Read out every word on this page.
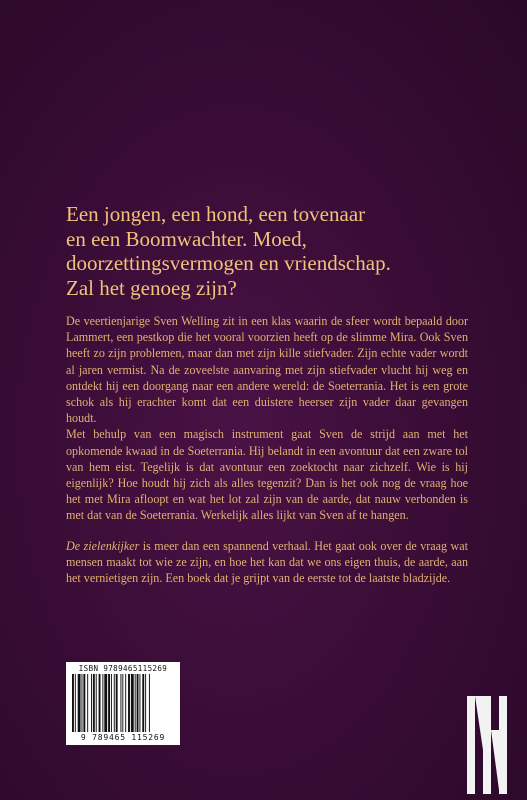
Een jongen, een hond, een tovenaar
en een Boomwachter. Moed,
doorzettingsvermogen en vriendschap.
Zal het genoeg zijn?

De veertienjarige Sven Welling zit in een klas waarin de sfeer wordt bepaald door Lammert, een pestkop die het vooral voorzien heeft op de slimme Mira. Ook Sven heeft zo zijn problemen, maar dan met zijn kille stiefvader. Zijn echte vader wordt al jaren vermist. Na de zoveelste aanvaring met zijn stiefvader vlucht hij weg en ontdekt hij een doorgang naar een andere wereld: de Soeterrania. Het is een grote schok als hij erachter komt dat een duistere heerser zijn vader daar gevangen houdt.

Met behulp van een magisch instrument gaat Sven de strijd aan met het opkomende kwaad in de Soeterrania. Hij belandt in een avontuur dat een zware tol van hem eist. Tegelijk is dat avontuur een zoektocht naar zichzelf. Wie is hij eigenlijk? Hoe houdt hij zich als alles tegenzit? Dan is het ook nog de vraag hoe het met Mira afloopt en wat het lot zal zijn van de aarde, dat nauw verbonden is met dat van de Soeterrania. Werkelijk alles lijkt van Sven af te hangen.

De zielenkijker is meer dan een spannend verhaal. Het gaat ook over de vraag wat mensen maakt tot wie ze zijn, en hoe het kan dat we ons eigen thuis, de aarde, aan het vernietigen zijn. Een boek dat je grijpt van de eerste tot de laatste bladzijde.

ISBN 9789465115269
9 789465 115269
